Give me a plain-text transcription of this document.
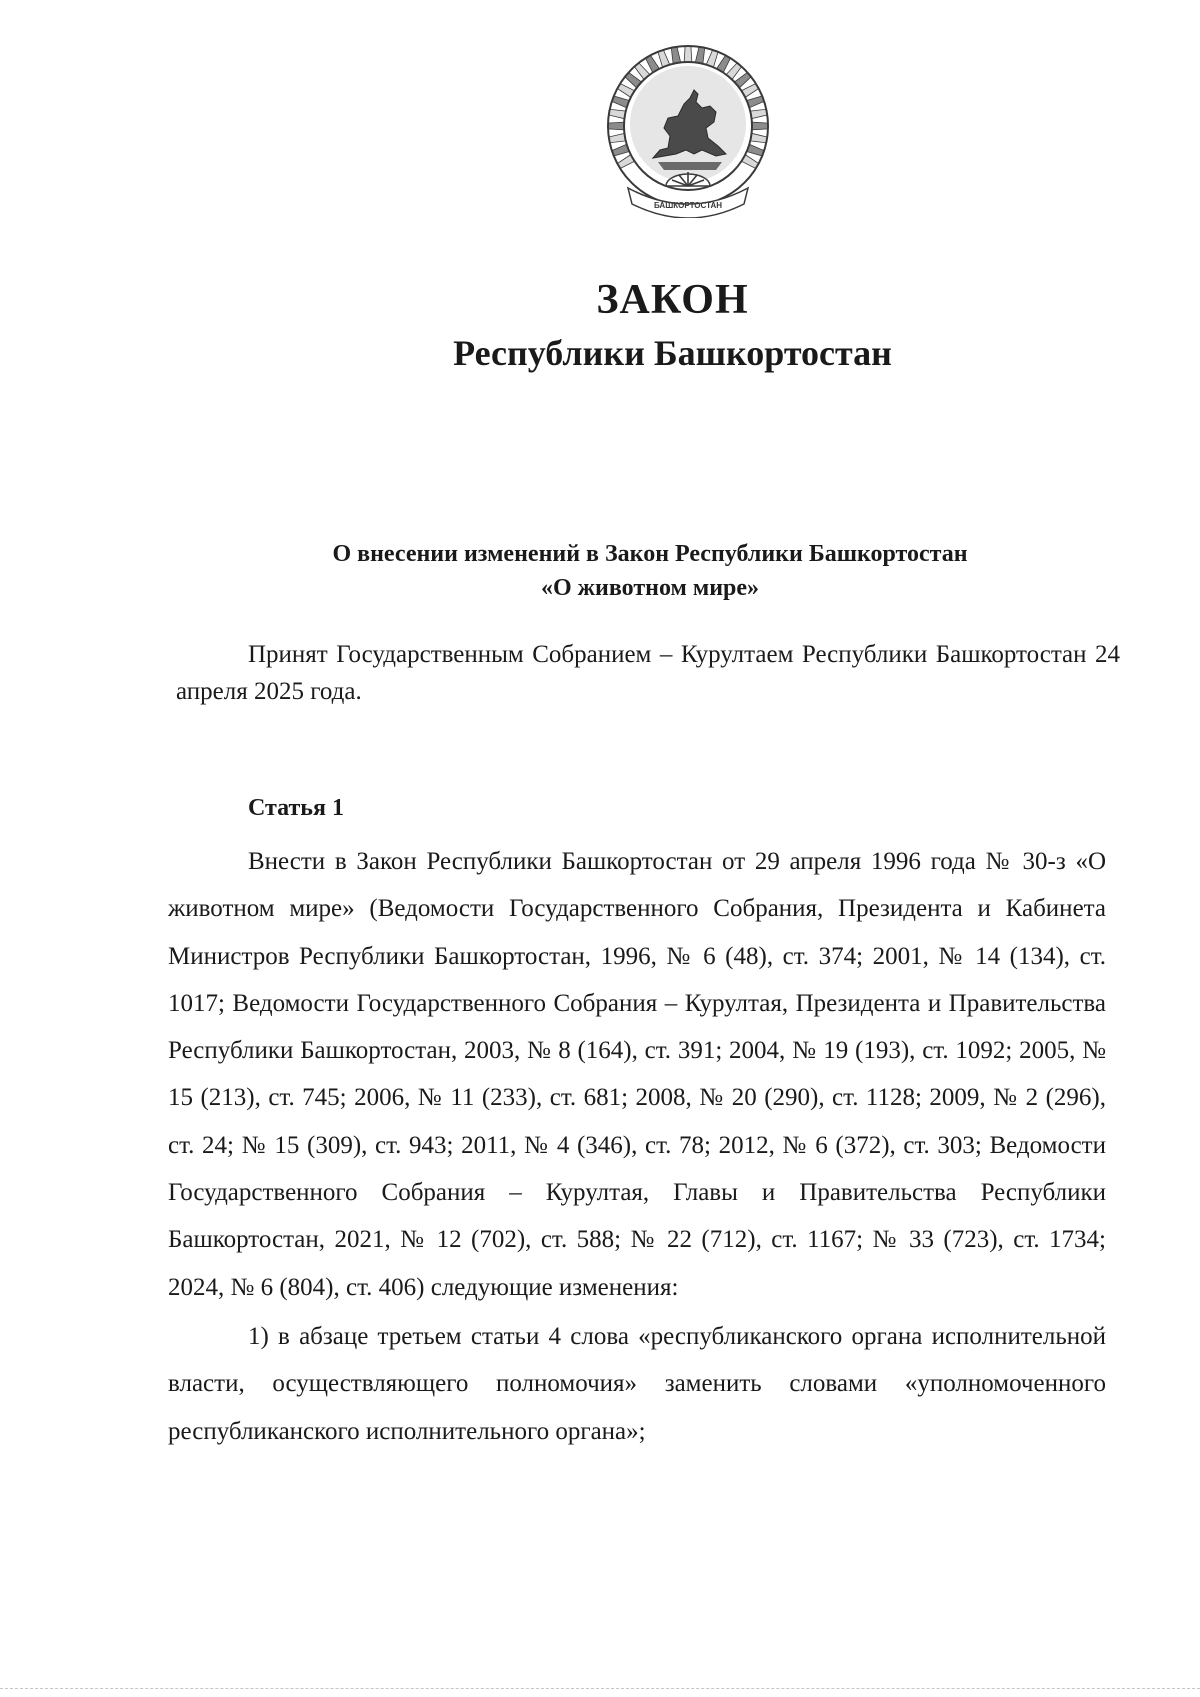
БАШКОРТОСТАН
ЗАКОН
Республики Башкортостан
О внесении изменений в Закон Республики Башкортостан
«О животном мире»
Принят Государственным Собранием – Курултаем Республики Башкортостан 24 апреля 2025 года.
Статья 1

Внести в Закон Республики Башкортостан от 29 апреля 1996 года № 30-з «О животном мире» (Ведомости Государственного Собрания, Президента и Кабинета Министров Республики Башкортостан, 1996, № 6 (48), ст. 374; 2001, № 14 (134), ст. 1017; Ведомости Государственного Собрания – Курултая, Президента и Правительства Республики Башкортостан, 2003, № 8 (164), ст. 391; 2004, № 19 (193), ст. 1092; 2005, № 15 (213), ст. 745; 2006, № 11 (233), ст. 681; 2008, № 20 (290), ст. 1128; 2009, № 2 (296), ст. 24; № 15 (309), ст. 943; 2011, № 4 (346), ст. 78; 2012, № 6 (372), ст. 303; Ведомости Государственного Собрания – Курултая, Главы и Правительства Республики Башкортостан, 2021, № 12 (702), ст. 588; № 22 (712), ст. 1167; № 33 (723), ст. 1734; 2024, № 6 (804), ст. 406) следующие изменения:

1) в абзаце третьем статьи 4 слова «республиканского органа исполнительной власти, осуществляющего полномочия» заменить словами «уполномоченного республиканского исполнительного органа»;
